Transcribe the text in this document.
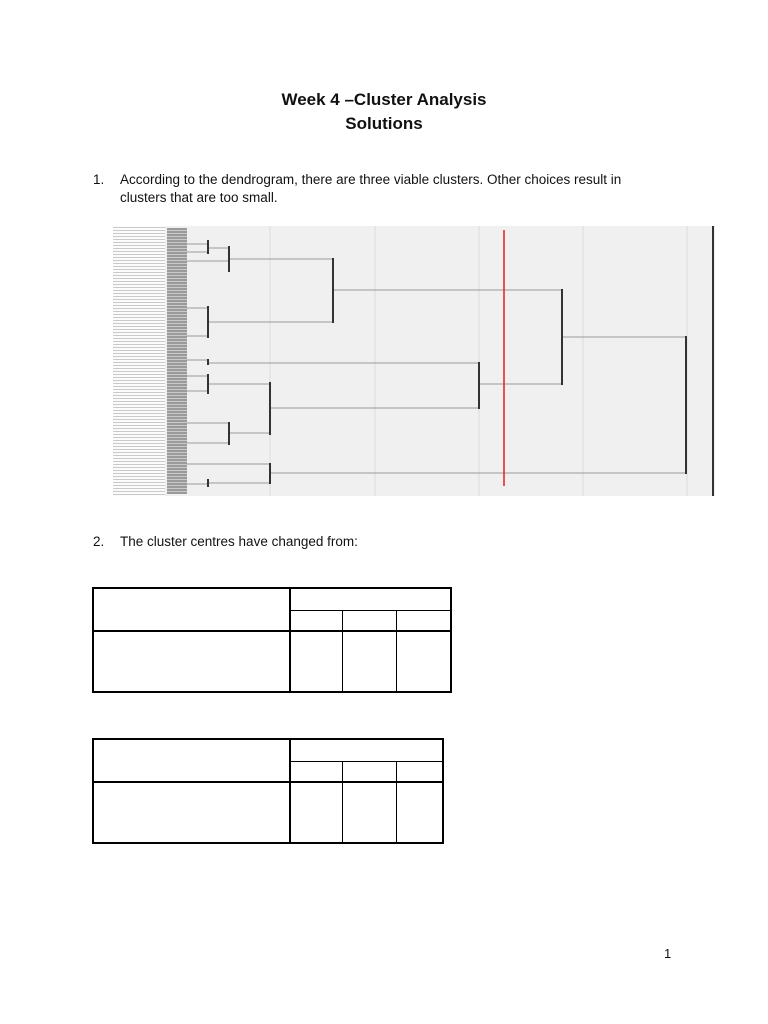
Week 4 –Cluster Analysis
Solutions
1. According to the dendrogram, there are three viable clusters. Other choices result in
clusters that are too small.
2. The cluster centres have changed from:

1
